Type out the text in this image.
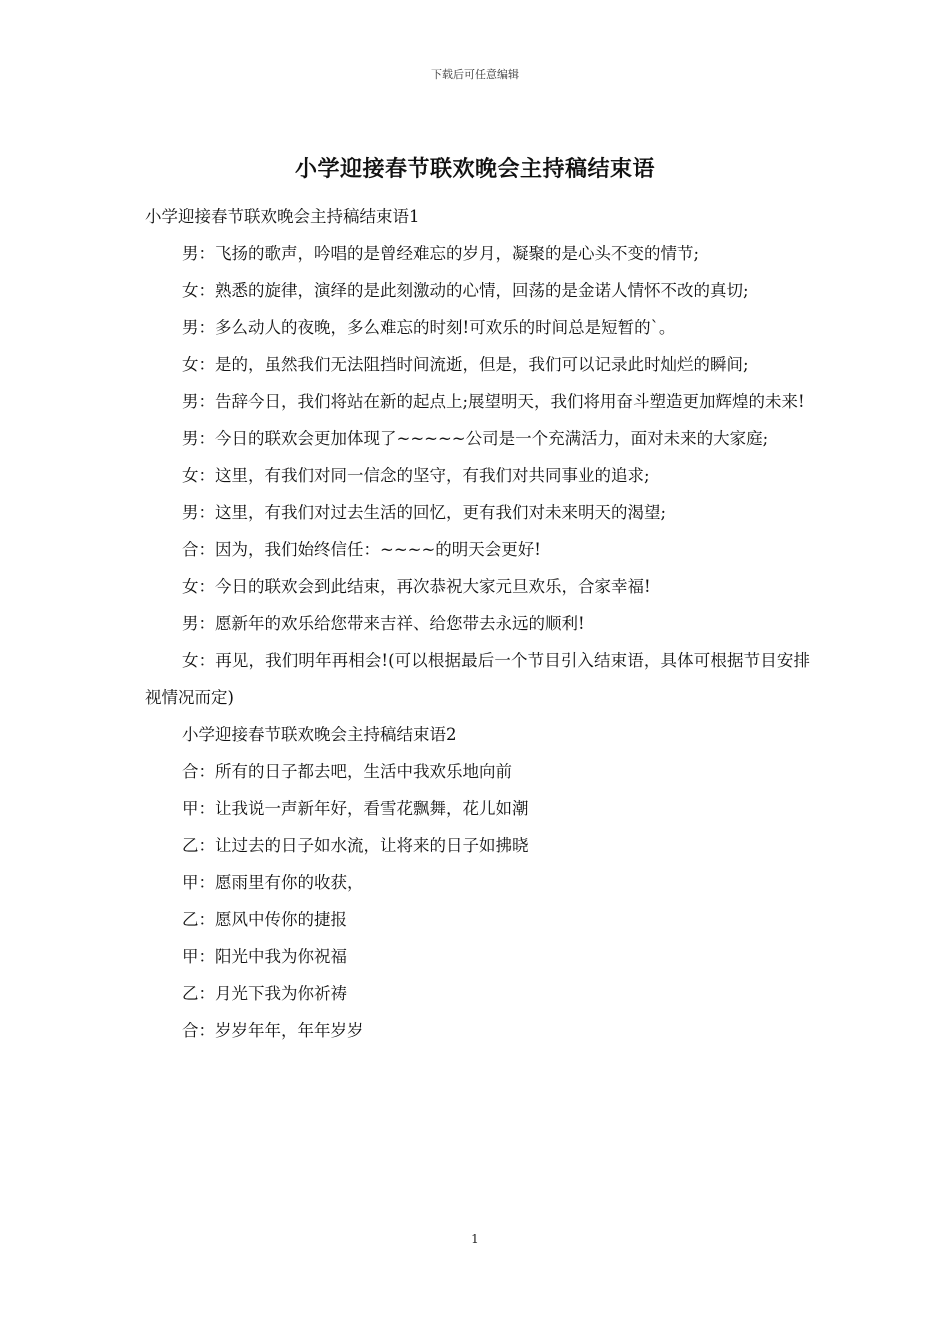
下载后可任意编辑
小学迎接春节联欢晚会主持稿结束语

小学迎接春节联欢晚会主持稿结束语1

男：飞扬的歌声，吟唱的是曾经难忘的岁月，凝聚的是心头不变的情节;

女：熟悉的旋律，演绎的是此刻激动的心情，回荡的是金诺人情怀不改的真切;

男：多么动人的夜晚，多么难忘的时刻!可欢乐的时间总是短暂的`。

女：是的，虽然我们无法阻挡时间流逝，但是，我们可以记录此时灿烂的瞬间;

男：告辞今日，我们将站在新的起点上;展望明天，我们将用奋斗塑造更加辉煌的未来!

男：今日的联欢会更加体现了~~~~~公司是一个充满活力，面对未来的大家庭;

女：这里，有我们对同一信念的坚守，有我们对共同事业的追求;

男：这里，有我们对过去生活的回忆，更有我们对未来明天的渴望;

合：因为，我们始终信任：~~~~的明天会更好!

女：今日的联欢会到此结束，再次恭祝大家元旦欢乐，合家幸福!

男：愿新年的欢乐给您带来吉祥、给您带去永远的顺利!

女：再见，我们明年再相会!(可以根据最后一个节目引入结束语，具体可根据节目安排视情况而定)

小学迎接春节联欢晚会主持稿结束语2

合：所有的日子都去吧，生活中我欢乐地向前

甲：让我说一声新年好，看雪花飘舞，花儿如潮

乙：让过去的日子如水流，让将来的日子如拂晓

甲：愿雨里有你的收获，

乙：愿风中传你的捷报

甲：阳光中我为你祝福

乙：月光下我为你祈祷

合：岁岁年年，年年岁岁

1
